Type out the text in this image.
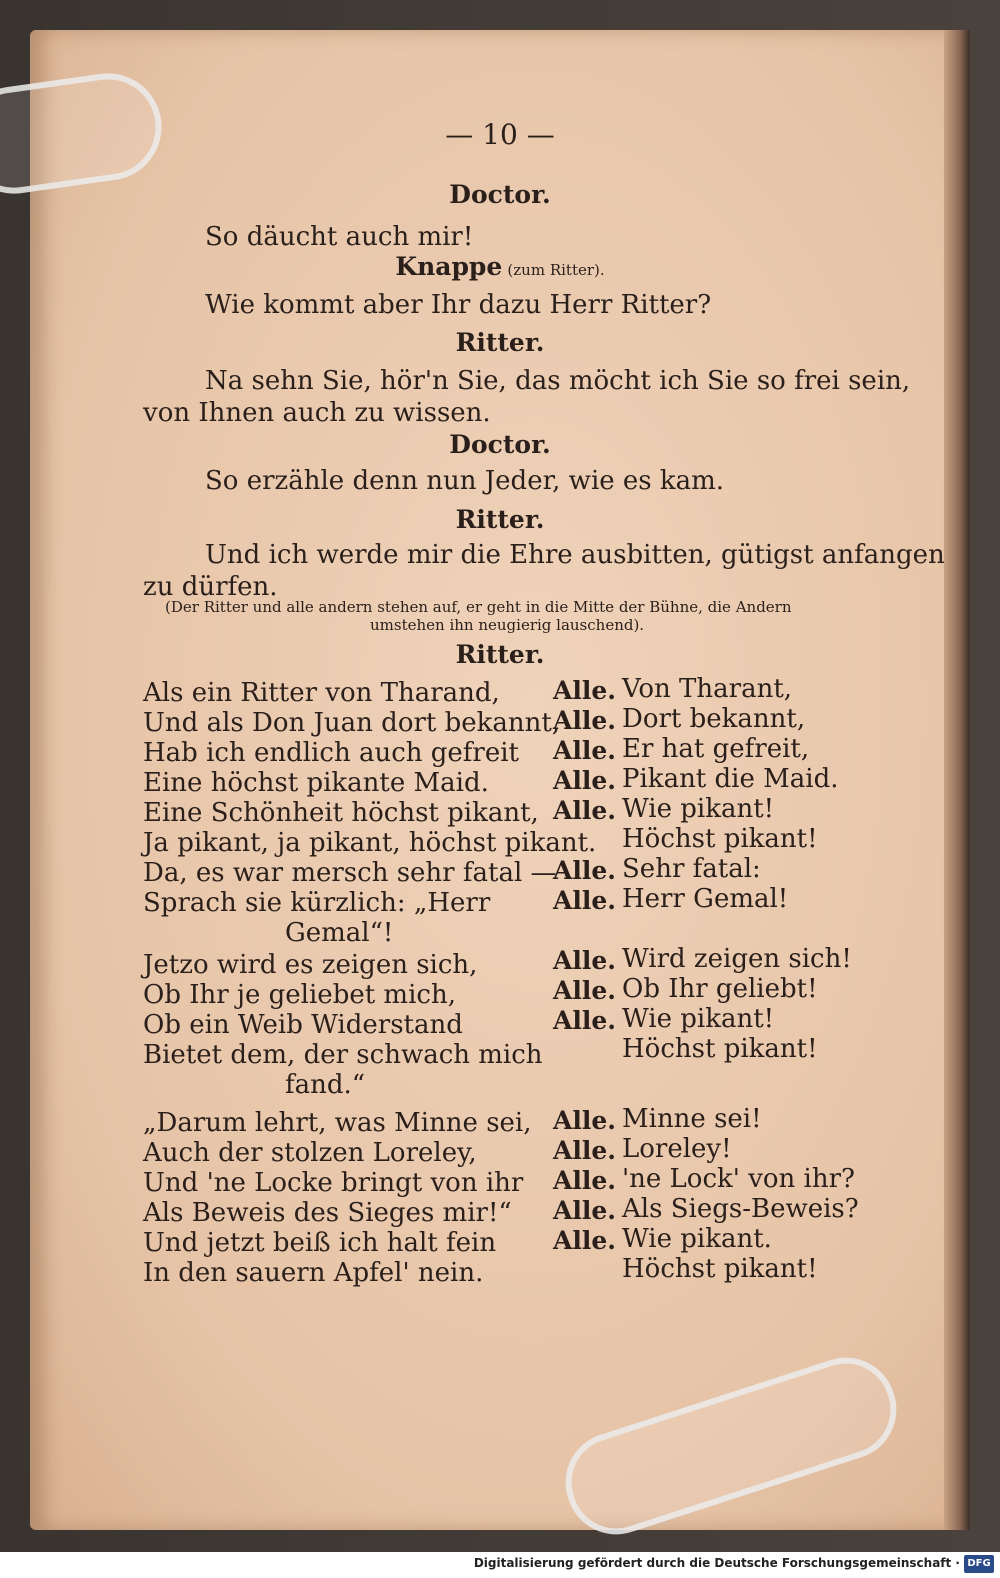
— 10 —
Doctor.
So däucht auch mir!
Knappe (zum Ritter).
Wie kommt aber Ihr dazu Herr Ritter?
Ritter.
Na sehn Sie, hör'n Sie, das möcht ich Sie so frei sein,
von Ihnen auch zu wissen.
Doctor.
So erzähle denn nun Jeder, wie es kam.
Ritter.
Und ich werde mir die Ehre ausbitten, gütigst anfangen
zu dürfen.
(Der Ritter und alle andern stehen auf, er geht in die Mitte der Bühne, die Andern
umstehen ihn neugierig lauschend).
Ritter.
Als ein Ritter von Tharand,
Und als Don Juan dort bekannt,
Hab ich endlich auch gefreit
Eine höchst pikante Maid.
Eine Schönheit höchst pikant,
Ja pikant, ja pikant, höchst pikant.
Da, es war mersch sehr fatal —
Sprach sie kürzlich: „Herr
Gemal“!
Jetzo wird es zeigen sich,
Ob Ihr je geliebet mich,
Ob ein Weib Widerstand
Bietet dem, der schwach mich
fand.“
„Darum lehrt, was Minne sei,
Auch der stolzen Loreley,
Und 'ne Locke bringt von ihr
Als Beweis des Sieges mir!“
Und jetzt beiß ich halt fein
In den sauern Apfel' nein.
Alle.
Alle.
Alle.
Alle.
Alle.
Alle.
Alle.
Alle.
Alle.
Alle.
Alle.
Alle.
Alle.
Alle.
Alle.
Von Tharant,
Dort bekannt,
Er hat gefreit,
Pikant die Maid.
Wie pikant!
Höchst pikant!
Sehr fatal:
Herr Gemal!
Wird zeigen sich!
Ob Ihr geliebt!
Wie pikant!
Höchst pikant!
Minne sei!
Loreley!
'ne Lock' von ihr?
Als Siegs-Beweis?
Wie pikant.
Höchst pikant!
Digitalisierung gefördert durch die Deutsche Forschungsgemeinschaft · DFG
